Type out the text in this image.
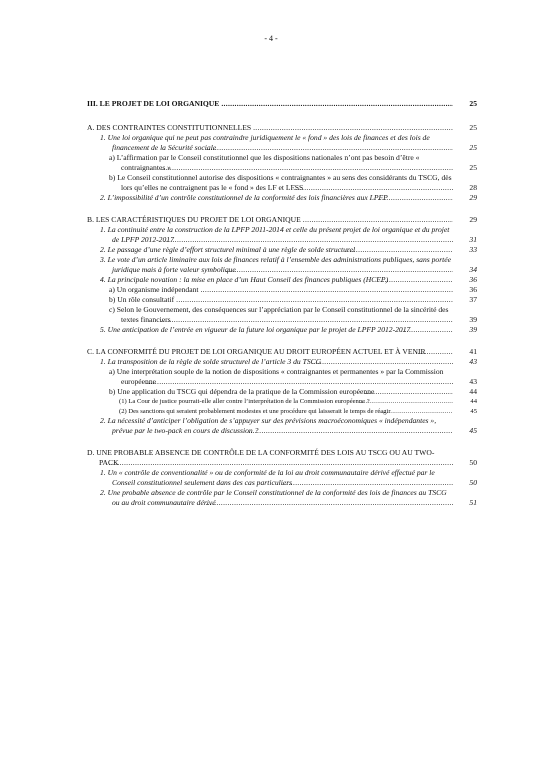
- 4 -
III. LE PROJET DE LOI ORGANIQUE .....	25
A. DES CONTRAINTES CONSTITUTIONNELLES .....	25
1. Une loi organique qui ne peut pas contraindre juridiquement le « fond » des lois de finances et des lois de financement de la Sécurité sociale .....	25
a) L’affirmation par le Conseil constitutionnel que les dispositions nationales n’ont pas besoin d’être « contraignantes » .....	25
b) Le Conseil constitutionnel autorise des dispositions « contraignantes » au sens des considérants du TSCG, dès lors qu’elles ne contraignent pas le « fond » des LF et LFSS .....	28
2. L’impossibilité d’un contrôle constitutionnel de la conformité des lois financières aux LPFP .....	29
B. LES CARACTÉRISTIQUES DU PROJET DE LOI ORGANIQUE .....	29
1. La continuité entre la construction de la LPFP 2011-2014 et celle du présent projet de loi organique et du projet de LPFP 2012-2017 .....	31
2. Le passage d’une règle d’effort structurel minimal à une règle de solde structurel .....	33
3. Le vote d’un article liminaire aux lois de finances relatif à l’ensemble des administrations publiques, sans portée juridique mais à forte valeur symbolique .....	34
4. La principale novation : la mise en place d’un Haut Conseil des finances publiques (HCFP) .....	36
a) Un organisme indépendant .....	36
b) Un rôle consultatif .....	37
c) Selon le Gouvernement, des conséquences sur l’appréciation par le Conseil constitutionnel de la sincérité des textes financiers .....	39
5. Une anticipation de l’entrée en vigueur de la future loi organique par le projet de LPFP 2012-2017 .....	39
C. LA CONFORMITÉ DU PROJET DE LOI ORGANIQUE AU DROIT EUROPÉEN ACTUEL ET À VENIR .....	41
1. La transposition de la règle de solde structurel de l’article 3 du TSCG .....	43
a) Une interprétation souple de la notion de dispositions « contraignantes et permanentes » par la Commission européenne .....	43
b) Une application du TSCG qui dépendra de la pratique de la Commission européenne .....	44
(1) La Cour de justice pourrait-elle aller contre l’interprétation de la Commission européenne ? .....	44
(2) Des sanctions qui seraient probablement modestes et une procédure qui laisserait le temps de réagir .....	45
2. La nécessité d’anticiper l’obligation de s’appuyer sur des prévisions macroéconomiques « indépendantes », prévue par le two-pack en cours de discussion ? .....	45
D. UNE PROBABLE ABSENCE DE CONTRÔLE DE LA CONFORMITÉ DES LOIS AU TSCG OU AU TWO-PACK .....	50
1. Un « contrôle de conventionalité » ou de conformité de la loi au droit communautaire dérivé effectué par le Conseil constitutionnel seulement dans des cas particuliers .....	50
2. Une probable absence de contrôle par le Conseil constitutionnel de la conformité des lois de finances au TSCG ou au droit communautaire dérivé .....	51
